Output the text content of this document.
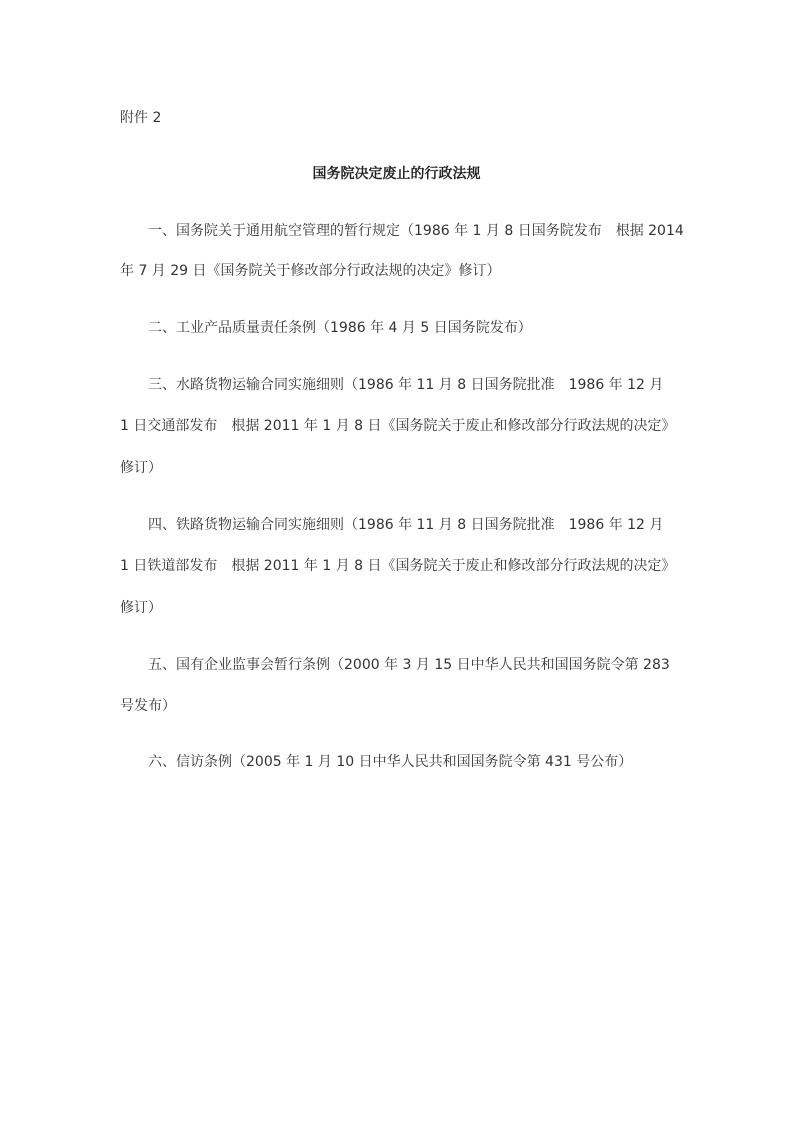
附件 2
国务院决定废止的行政法规
一、国务院关于通用航空管理的暂行规定（1986 年 1 月 8 日国务院发布　根据 2014
年 7 月 29 日《国务院关于修改部分行政法规的决定》修订）
二、工业产品质量责任条例（1986 年 4 月 5 日国务院发布）
三、水路货物运输合同实施细则（1986 年 11 月 8 日国务院批准　1986 年 12 月
1 日交通部发布　根据 2011 年 1 月 8 日《国务院关于废止和修改部分行政法规的决定》
修订）
四、铁路货物运输合同实施细则（1986 年 11 月 8 日国务院批准　1986 年 12 月
1 日铁道部发布　根据 2011 年 1 月 8 日《国务院关于废止和修改部分行政法规的决定》
修订）
五、国有企业监事会暂行条例（2000 年 3 月 15 日中华人民共和国国务院令第 283
号发布）
六、信访条例（2005 年 1 月 10 日中华人民共和国国务院令第 431 号公布）
